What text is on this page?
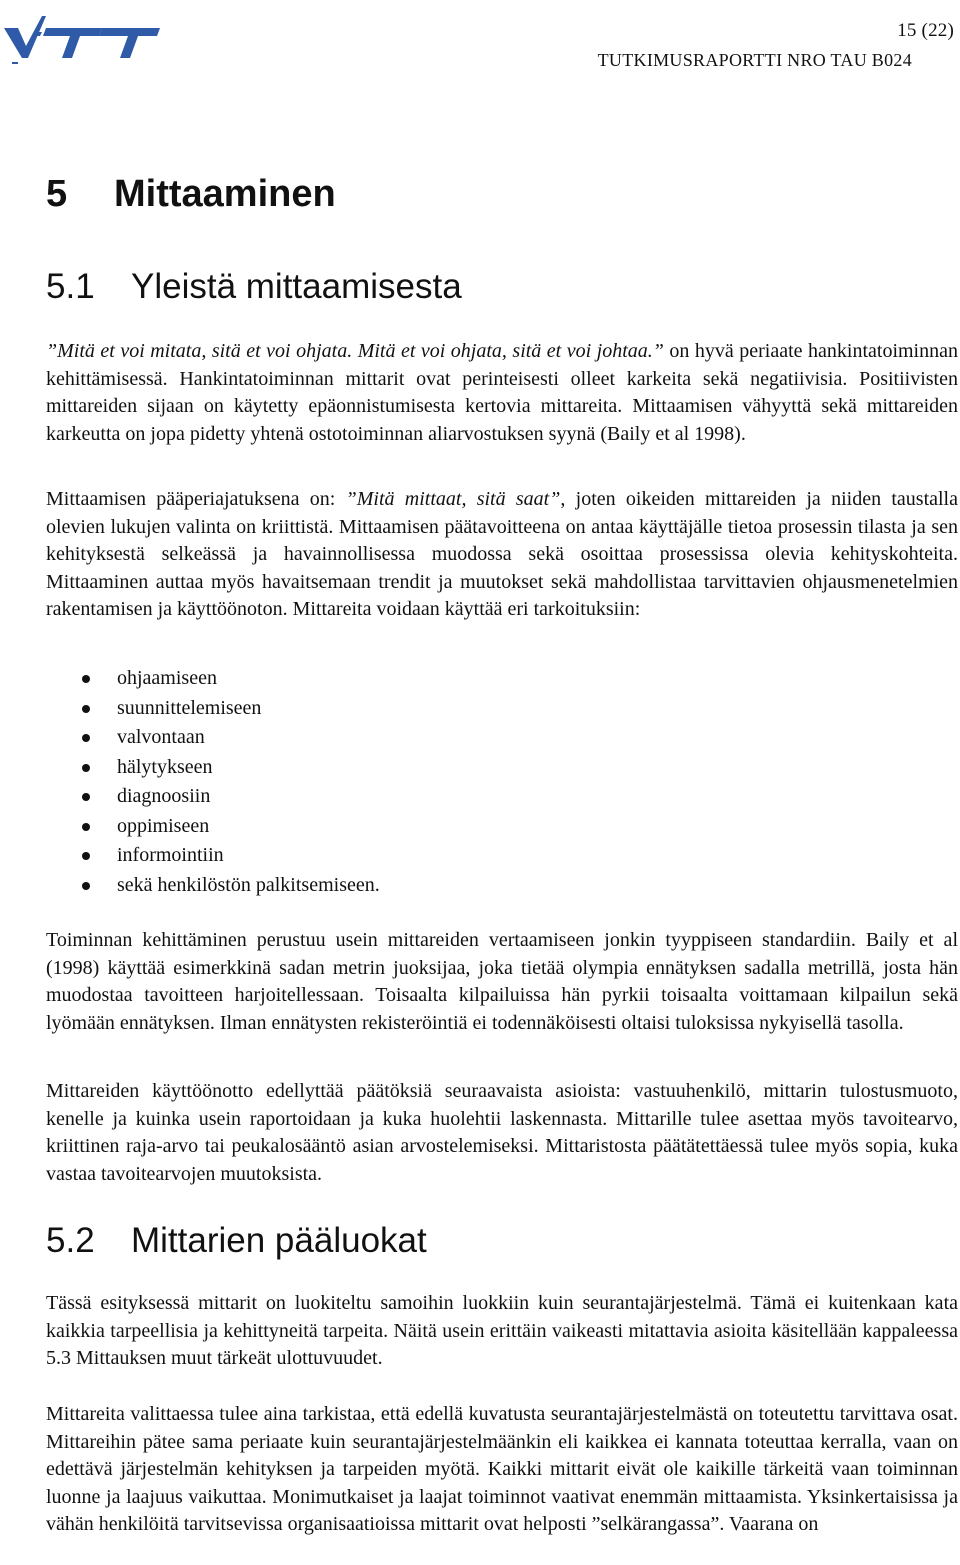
15 (22)
TUTKIMUSRAPORTTI NRO TAU B024
5 Mittaaminen
5.1 Yleistä mittaamisesta

”Mitä et voi mitata, sitä et voi ohjata. Mitä et voi ohjata, sitä et voi johtaa.” on hyvä periaate hankintatoiminnan kehittämisessä. Hankintatoiminnan mittarit ovat perinteisesti olleet karkeita sekä negatiivisia. Positiivisten mittareiden sijaan on käytetty epäonnistumisesta kertovia mittareita. Mittaamisen vähyyttä sekä mittareiden karkeutta on jopa pidetty yhtenä ostotoiminnan aliarvostuksen syynä (Baily et al 1998).

Mittaamisen pääperiajatuksena on: ”Mitä mittaat, sitä saat”, joten oikeiden mittareiden ja niiden taustalla olevien lukujen valinta on kriittistä. Mittaamisen päätavoitteena on antaa käyttäjälle tietoa prosessin tilasta ja sen kehityksestä selkeässä ja havainnollisessa muodossa sekä osoittaa prosessissa olevia kehityskohteita. Mittaaminen auttaa myös havaitsemaan trendit ja muutokset sekä mahdollistaa tarvittavien ohjausmenetelmien rakentamisen ja käyttöönoton. Mittareita voidaan käyttää eri tarkoituksiin:

ohjaamiseen
suunnittelemiseen
valvontaan
hälytykseen
diagnoosiin
oppimiseen
informointiin
sekä henkilöstön palkitsemiseen.

Toiminnan kehittäminen perustuu usein mittareiden vertaamiseen jonkin tyyppiseen standardiin. Baily et al (1998) käyttää esimerkkinä sadan metrin juoksijaa, joka tietää olympia ennätyksen sadalla metrillä, josta hän muodostaa tavoitteen harjoitellessaan. Toisaalta kilpailuissa hän pyrkii toisaalta voittamaan kilpailun sekä lyömään ennätyksen. Ilman ennätysten rekisteröintiä ei todennäköisesti oltaisi tuloksissa nykyisellä tasolla.

Mittareiden käyttöönotto edellyttää päätöksiä seuraavaista asioista: vastuuhenkilö, mittarin tulostusmuoto, kenelle ja kuinka usein raportoidaan ja kuka huolehtii laskennasta. Mittarille tulee asettaa myös tavoitearvo, kriittinen raja-arvo tai peukalosääntö asian arvostelemiseksi. Mittaristosta päätätettäessä tulee myös sopia, kuka vastaa tavoitearvojen muutoksista.

5.2 Mittarien pääluokat

Tässä esityksessä mittarit on luokiteltu samoihin luokkiin kuin seurantajärjestelmä. Tämä ei kuitenkaan kata kaikkia tarpeellisia ja kehittyneitä tarpeita. Näitä usein erittäin vaikeasti mitattavia asioita käsitellään kappaleessa 5.3 Mittauksen muut tärkeät ulottuvuudet.

Mittareita valittaessa tulee aina tarkistaa, että edellä kuvatusta seurantajärjestelmästä on toteutettu tarvittava osat. Mittareihin pätee sama periaate kuin seurantajärjestelmäänkin eli kaikkea ei kannata toteuttaa kerralla, vaan on edettävä järjestelmän kehityksen ja tarpeiden myötä. Kaikki mittarit eivät ole kaikille tärkeitä vaan toiminnan luonne ja laajuus vaikuttaa. Monimutkaiset ja laajat toiminnot vaativat enemmän mittaamista. Yksinkertaisissa ja vähän henkilöitä tarvitsevissa organisaatioissa mittarit ovat helposti ”selkärangassa”. Vaarana on
